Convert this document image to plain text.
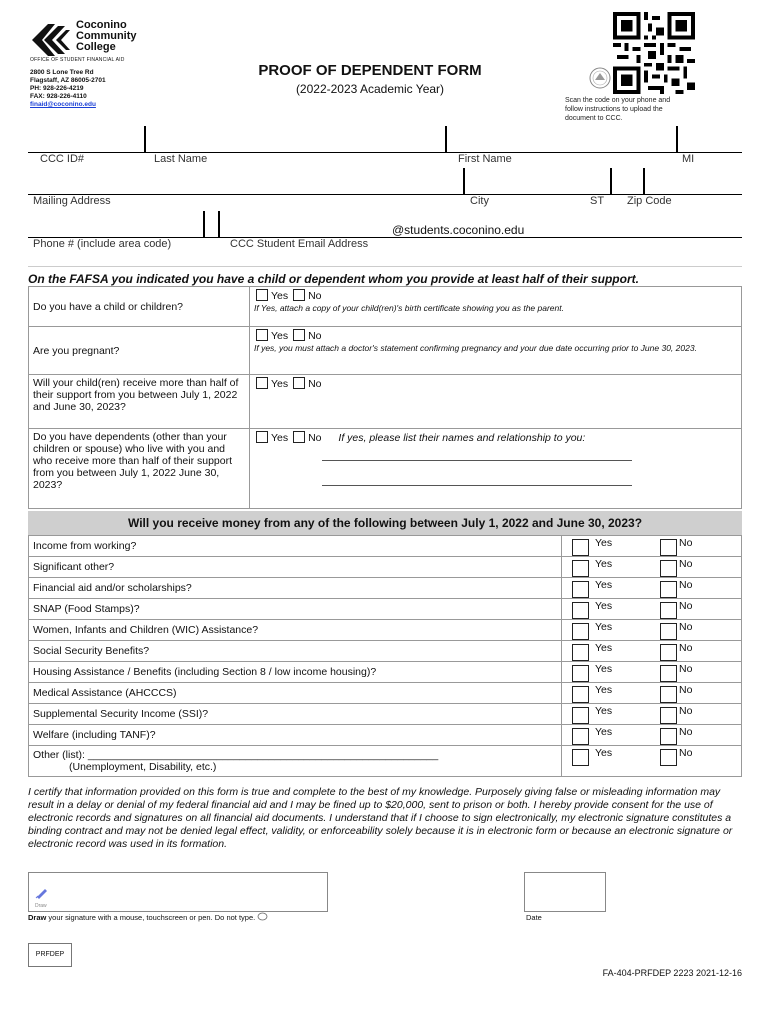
Coconino
Community
College
OFFICE OF STUDENT FINANCIAL AID
2800 S Lone Tree Rd
Flagstaff, AZ 86005-2701
PH: 928-226-4219
FAX: 928-226-4110
finaid@coconino.edu
PROOF OF DEPENDENT FORM
(2022-2023 Academic Year)
Scan the code on your phone and
follow instructions to upload the
document to CCC.
CCC ID#	Last Name	First Name	MI
Mailing Address	City	ST Zip Code
@students.coconino.edu
Phone # (include area code)	CCC Student Email Address
On the FAFSA you indicated you have a child or dependent whom you provide at least half of their support.
Do you have a child or children?	Yes No
If Yes, attach a copy of your child(ren)'s birth certificate showing you as the parent.

Are you pregnant?	Yes No
If yes, you must attach a doctor's statement confirming pregnancy and your due date occurring prior to June 30, 2023.

Will your child(ren) receive more than half of their support from you between July 1, 2022 and June 30, 2023?	Yes No
Do you have dependents (other than your children or spouse) who live with you and who receive more than half of their support from you between July 1, 2022 June 30, 2023?	Yes No If yes, please list their names and relationship to you:
Will you receive money from any of the following between July 1, 2022 and June 30, 2023?
Income from working?	Yes No

Significant other?	Yes No

Financial aid and/or scholarships?	Yes No

SNAP (Food Stamps)?	Yes No

Women, Infants and Children (WIC) Assistance?	Yes No

Social Security Benefits?	Yes No

Housing Assistance / Benefits (including Section 8 / low income housing)?	Yes No

Medical Assistance (AHCCCS)	Yes No

Supplemental Security Income (SSI)?	Yes No

Welfare (including TANF)?	Yes No

Other (list): ____________________________________________________________
(Unemployment, Disability, etc.)	Yes No
I certify that information provided on this form is true and complete to the best of my knowledge. Purposely giving false or misleading information may result in a delay or denial of my federal financial aid and I may be fined up to $20,000, sent to prison or both. I hereby provide consent for the use of electronic records and signatures on all financial aid documents. I understand that if I choose to sign electronically, my electronic signature constitutes a binding contract and may not be denied legal effect, validity, or enforceability solely because it is in electronic form or because an electronic signature or electronic record was used in its formation.
Draw
Draw your signature with a mouse, touchscreen or pen. Do not type.	Date
PRFDEP
FA-404-PRFDEP 2223 2021-12-16
